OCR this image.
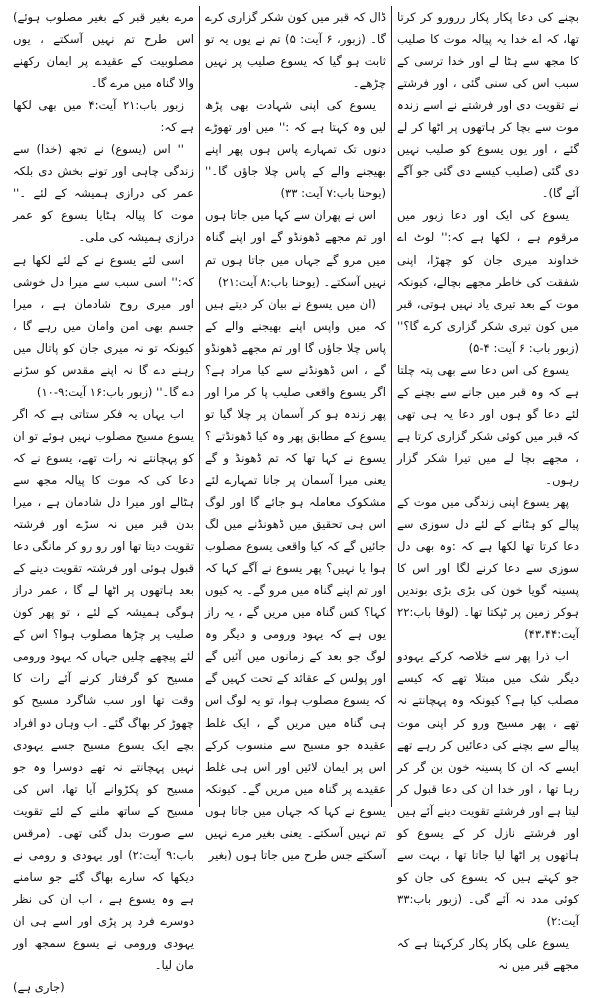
بچنے کی دعا پکار پکار ررورو کر کرتا تھا، کہ اے خدا یہ پیالہ موت کا صلیب کا مجھ سے ہٹا لے اور خدا ترسی کے سبب اس کی سنی گئی ، اور فرشتے نے تقویت دی اور فرشتے نے اسے زندہ موت سے بچا کر ہاتھوں پر اٹھا کر لے گئے ، اور یوں یسوع کو صلیب نہیں دی گئی (صلیب کیسے دی گئی جو آگے آئے گا)۔

یسوع کی ایک اور دعا زبور میں مرقوم ہے ، لکھا ہے کہ:'' لوٹ اے خداوند میری جان کو چھڑا، اپنی شفقت کی خاطر مجھے بچالے، کیونکہ موت کے بعد تیری یاد نہیں ہوتی، قبر میں کون تیری شکر گزاری کرے گا؟'' (زبور باب: ۶ آیت: ۴-۵)

یسوع کی اس دعا سے بھی پتہ چلتا ہے کہ وہ قبر میں جانے سے بچنے کے لئے دعا گو ہوں اور دعا یہ ہی تھی کہ قبر میں کوئی شکر گزاری کرتا ہے ، مجھے بچا لے میں تیرا شکر گزار رہوں۔

پھر یسوع اپنی زندگی میں موت کے پیالے کو ہٹانے کے لئے دل سوزی سے دعا کرتا تھا لکھا ہے کہ :وہ بھی دل سوزی سے دعا کرنے لگا اور اس کا پسینہ گویا خون کی بڑی بڑی بوندیں ہوکر زمین پر ٹپکتا تھا۔ (لوقا باب:۲۲ آیت:۴۳،۴۴)

اب ذرا پھر سے خلاصہ کرکے یہودو دیگر شک میں مبتلا تھے کہ کیسے مصلب کیا ہے؟ کیونکہ وہ پہچانتے نہ تھے ، پھر مسیح ورو کر اپنی موت پیالے سے بچنے کی دعائیں کر رہے تھے ایسے کہ ان کا پسینہ خون بن گر کر رہا تھا ، اور خدا ان کی دعا قبول کر لیتا ہے اور فرشتے تقویت دینے آئے ہیں اور فرشتے نازل کر کے یسوع کو ہاتھوں پر اٹھا لیا جاتا تھا ، بہت سے جو کہتے ہیں کہ یسوع کی جان کو کوئی مدد نہ آئے گی۔ (زبور باب:۳۳ آیت:۲)

یسوع علی پکار پکار کرکہتا ہے کہ مجھے قبر میں نہ

ڈال کہ قبر میں کون شکر گزاری کرے گا۔ (زبور، ۶ آیت: ۵) تم نے یوں یہ تو ثابت ہو گیا کہ یسوع صلیب پر نہیں چڑھے۔

یسوع کی اپنی شہادت بھی پڑھ لیں وہ کہتا ہے کہ :'' میں اور تھوڑے دنوں تک تمہارے پاس ہوں پھر اپنے بھیجنے والے کے پاس چلا جاؤں گا۔'' (یوحنا باب:۷ آیت: ۳۳)

اس نے پھران سے کہا میں جاتا ہوں اور تم مجھے ڈھونڈو گے اور اپنے گناہ میں مرو گے جہاں میں جاتا ہوں تم نہیں آسکتے۔ (یوحنا باب:۸ آیت:۲۱)

(ان میں یسوع نے بیان کر دیتے ہیں کہ میں واپس اپنے بھیجنے والے کے پاس چلا جاؤں گا اور تم مجھے ڈھونڈو گے ، اس ڈھونڈنے سے کیا مراد ہے؟ اگر یسوع واقعی صلیب پا کر مرا اور پھر زندہ ہو کر آسمان پر چلا گیا تو یسوع کے مطابق پھر وہ کیا ڈھونڈتے ؟ یسوع نے کہا تھا کہ تم ڈھونڈ و گے یعنی میرا آسمان پر جانا تمہارے لئے مشکوک معاملہ ہو جائے گا اور لوگ اس ہی تحقیق میں ڈھونڈنے میں لگ جائیں گے کہ کیا واقعی یسوع مصلوب ہوا یا نہیں؟ پھر یسوع نے آگے کہا کہ اور تم اپنے گناہ میں مرو گے۔ یہ کیوں کہا؟ کس گناہ میں مریں گے ، یہ راز یوں ہے کہ یہود ورومی و دیگر وہ لوگ جو بعد کے زمانوں میں آئیں گے اور پولس کے عقائد کے تحت کہیں گے کہ یسوع مصلوب ہوا، تو یہ لوگ اس ہی گناہ میں مریں گے ، ایک غلط عقیدہ جو مسیح سے منسوب کرکے اس پر ایمان لائیں اور اس ہی غلط عقیدے پر گناہ میں مریں گے۔ کیونکہ یسوع نے کہا کہ جہاں میں جاتا ہوں تم نہیں آسکتے۔ یعنی بغیر مرے نہیں آسکتے جس طرح میں جاتا ہوں (بغیر

مرے بغیر قبر کے بغیر مصلوب ہوئے) اس طرح تم نہیں آسکتے ، یوں مصلوبیت کے عقیدے پر ایمان رکھنے والا گناہ میں مرے گا۔

زبور باب:۲۱ آیت:۴ میں بھی لکھا ہے کہ:

'' اس (یسوع) نے تجھ (خدا) سے زندگی چاہی اور تونے بخش دی بلکہ عمر کی درازی ہمیشہ کے لئے ۔'' موت کا پیالہ ہٹایا یسوع کو عمر درازی ہمیشہ کی ملی۔

اسی لئے یسوع نے کے لئے لکھا ہے کہ:'' اسی سبب سے میرا دل خوشی اور میری روح شادمان ہے ، میرا جسم بھی امن وامان میں رہے گا ، کیونکہ تو نہ میری جان کو پاتال میں رہنے دے گا نہ اپنے مقدس کو سڑنے دے گا۔'' (زبور باب:۱۶ آیت:۹-۱۰)

اب یہاں یہ فکر ستاتی ہے کہ اگر یسوع مسیح مصلوب نہیں ہوئے تو ان کو پہچانتے نہ رات تھے، یسوع نے کہ دعا کی کہ موت کا پیالہ مجھ سے ہٹالے اور میرا دل شادمان ہے ، میرا بدن قبر میں نہ سڑے اور فرشتہ تقویت دیتا تھا اور رو رو کر مانگی دعا قبول ہوئی اور فرشتہ تقویت دینے کے بعد ہاتھوں پر اٹھا لے گا ، عمر دراز ہوگی ہمیشہ کے لئے ، تو پھر کون صلیب پر چڑھا مصلوب ہوا؟ اس کے لئے پیچھے چلیں جہاں کہ یہود ورومی مسیح کو گرفتار کرنے آئے رات کا وقت تھا اور سب شاگرد مسیح کو چھوڑ کر بھاگ گئے۔ اب وہاں دو افراد بچے ایک یسوع مسیح جسے یہودی نہیں پہچانتے نہ تھے دوسرا وہ جو مسیح کو پکڑوانے آیا تھا، اس کی مسیح کے ساتھ ملنے کے لئے تقویت سے صورت بدل گئی تھی۔ (مرقس باب:۹ آیت:۲) اور یہودی و رومی نے دیکھا کہ سارے بھاگ گئے جو سامنے ہے وہ یسوع ہے ، اب ان کی نظر دوسرے فرد پر پڑی اور اسے ہی ان یہودی ورومی نے یسوع سمجھ اور مان لیا۔

(جاری ہے)
